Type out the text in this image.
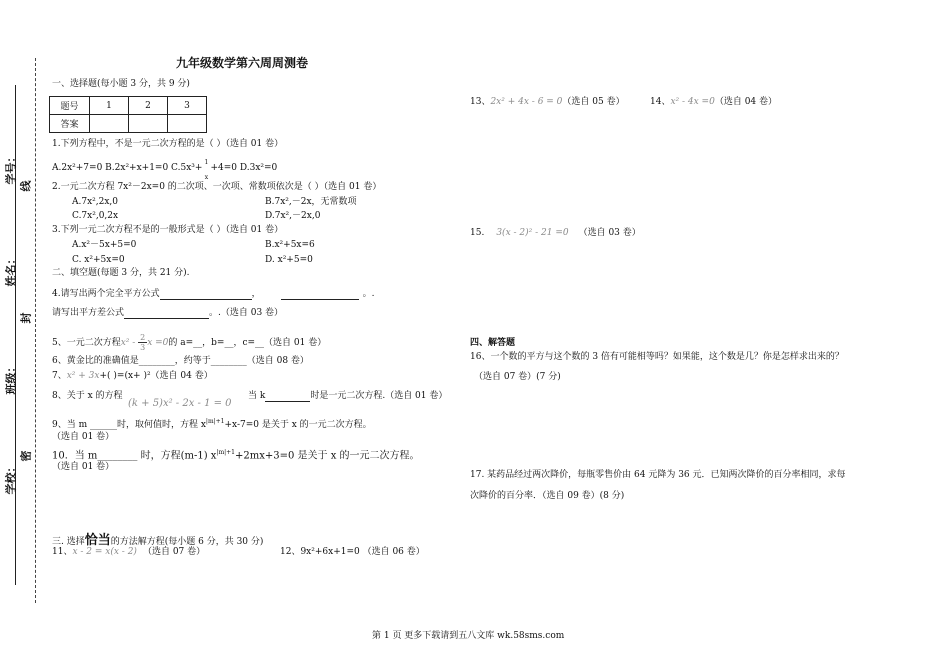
学号：
线
姓名：
封
班级：
密
学校：
九年级数学第六周周测卷
一、选择题(每小题 3 分，共 9 分)
题号	1	2	3
答案			
1.下列方程中，不是一元二次方程的是（ ）（选自 01 卷）
A.2x²+7=0 B.2x²+x+1=0 $C.5x^3+ \frac{1}{x} +4=0$ D.3x²=0
2.一元二次方程 7x²－2x=0 的二次项、一次项、常数项依次是（ ）（选自 01 卷）
A.7x²,2x,0	B.7x²,－2x，无常数项
C.7x²,0,2x	D.7x²,－2x,0
3.下列一元二次方程不是的一般形式是（ ）（选自 01 卷）
A.x²－5x+5=0	B.x²+5x=6
C. x²+5x=0	D. x²+5=0
二、填空题(每题 3 分，共 21 分).
4.请写出两个完全平方公式	，	。.
请写出平方差公式	。.（选自 03 卷）
5、一元二次方程$x^2 - \frac{2}{3}$ x =0的 a=__，b=__，c=__（选自 01 卷）
6、黄金比的准确值是________，约等于________（选自 08 卷）
7、x² + 3x+( )=(x+ )²（选自 04 卷）
8、关于 x 的方程
(k + 5)x² - 2x - 1 = 0
当 k	时是一元二次方程.（选自 01 卷）
9、当 m ______时，取何值时，方程 $x^{|m|+1}+x-7=0$ 是关于 x 的一元二次方程。
（选自 01 卷）
10．当 m________ 时，方程(m-1) $x^{|m|+1}+2mx+3=0$ 是关于 x 的一元二次方程。
（选自 01 卷）
三. 选择恰当的方法解方程(每小题 6 分，共 30 分)
11、x - 2 = x(x - 2) （选自 07 卷）	12、9x²+6x+1=0 （选自 06 卷）
13、2x² + 4x - 6 = 0（选自 05 卷）	14、x² - 4x =0（选自 04 卷）
15. 3(x - 2)² - 21 =0 （选自 03 卷）
四、解答题
16、一个数的平方与这个数的 3 倍有可能相等吗？如果能，这个数是几？你是怎样求出来的？
（选自 07 卷）(7 分)
17. 某药品经过两次降价，每瓶零售价由 64 元降为 36 元．已知两次降价的百分率相同，求每
次降价的百分率．（选自 09 卷）(8 分)
第 1 页 更多下载请到五八文库 wk.58sms.com
